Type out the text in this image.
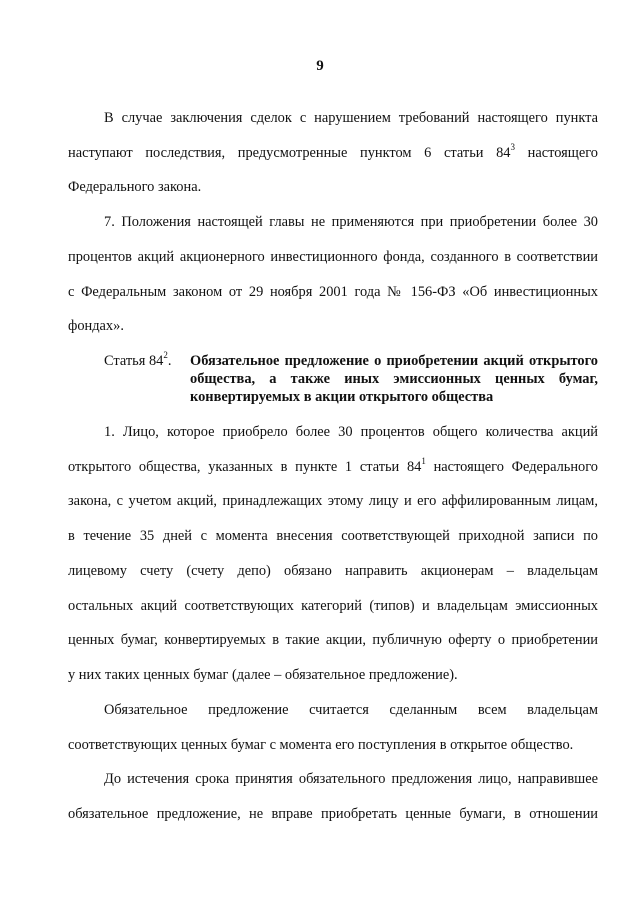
9
В случае заключения сделок с нарушением требований настоящего пункта
наступают последствия, предусмотренные пунктом 6 статьи $84^3$ настоящего
Федерального закона.
7. Положения настоящей главы не применяются при приобретении более 30
процентов акций акционерного инвестиционного фонда, созданного в соответствии
с Федеральным законом от 29 ноября 2001 года № 156-ФЗ «Об инвестиционных
фондах».
Статья $84^2$.	Обязательное предложение о приобретении акций открытого
общества, а также иных эмиссионных ценных бумаг,
конвертируемых в акции открытого общества
1. Лицо, которое приобрело более 30 процентов общего количества акций
открытого общества, указанных в пункте 1 статьи $84^1$ настоящего Федерального
закона, с учетом акций, принадлежащих этому лицу и его аффилированным лицам,
в течение 35 дней с момента внесения соответствующей приходной записи по
лицевому счету (счету депо) обязано направить акционерам – владельцам
остальных акций соответствующих категорий (типов) и владельцам эмиссионных
ценных бумаг, конвертируемых в такие акции, публичную оферту о приобретении
у них таких ценных бумаг (далее – обязательное предложение).
Обязательное предложение считается сделанным всем владельцам
соответствующих ценных бумаг с момента его поступления в открытое общество.
До истечения срока принятия обязательного предложения лицо, направившее
обязательное предложение, не вправе приобретать ценные бумаги, в отношении
